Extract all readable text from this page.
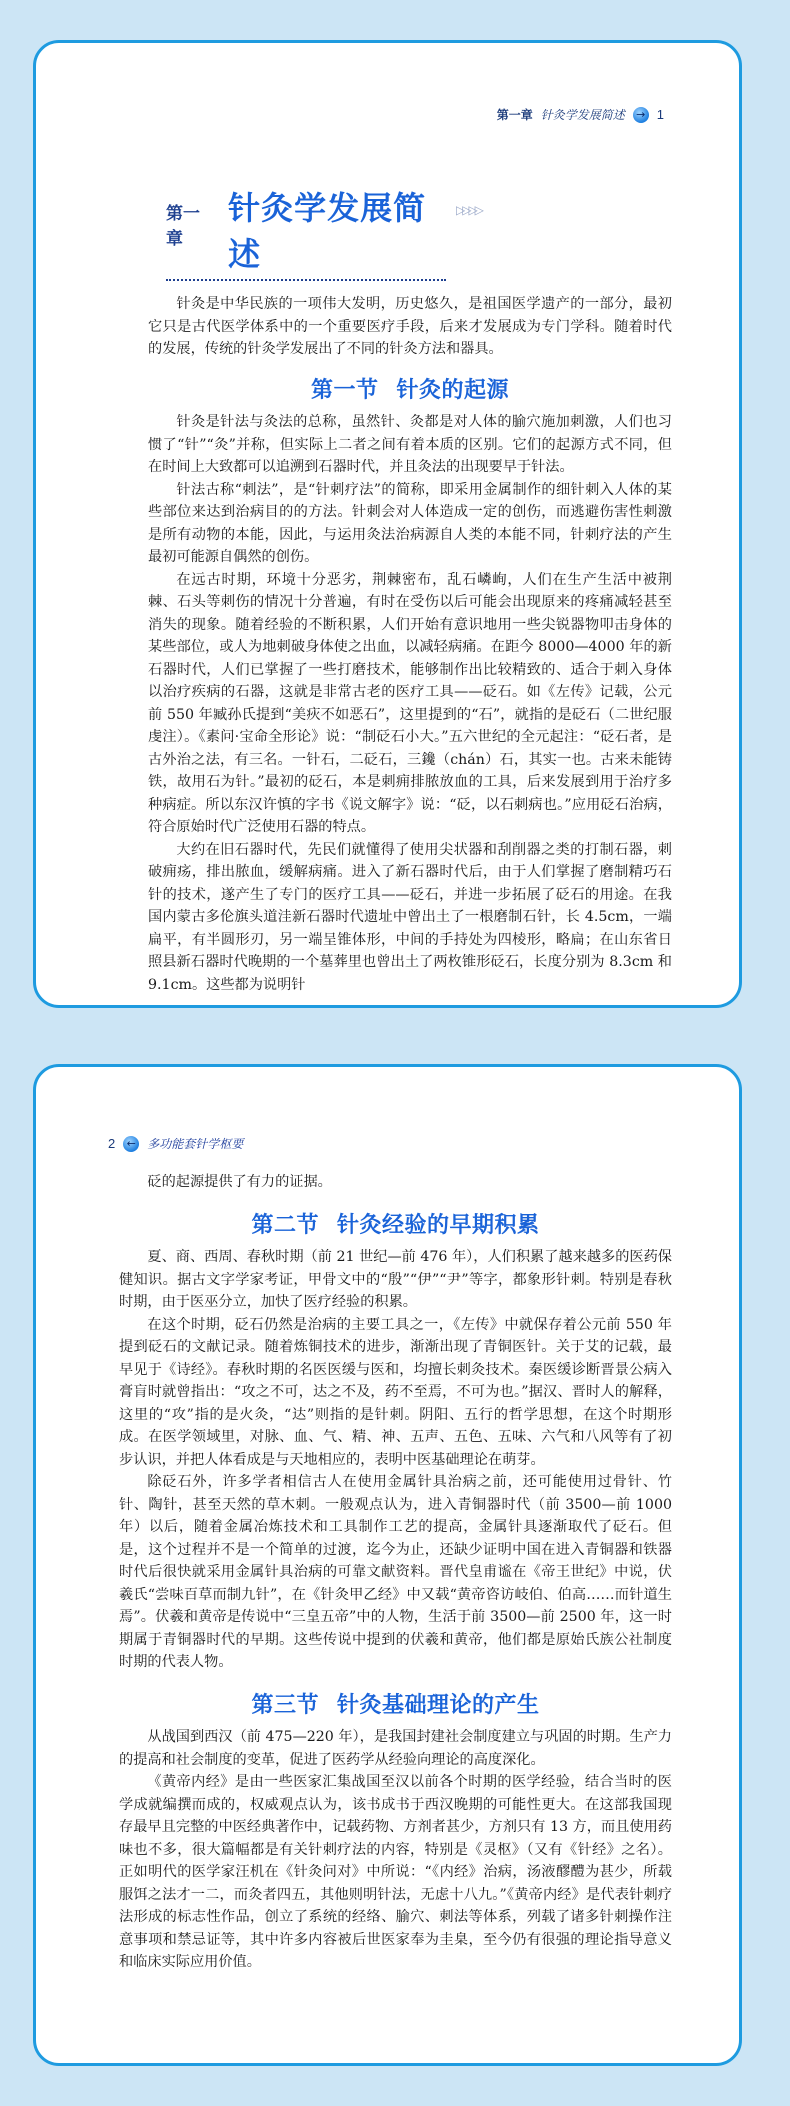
第一章 针灸学发展简述	→ 1
第一章
针灸学发展简述
▷▷▷▷

针灸是中华民族的一项伟大发明，历史悠久，是祖国医学遗产的一部分，最初它只是古代医学体系中的一个重要医疗手段，后来才发展成为专门学科。随着时代的发展，传统的针灸学发展出了不同的针灸方法和器具。

第一节 针灸的起源

针灸是针法与灸法的总称，虽然针、灸都是对人体的腧穴施加刺激，人们也习惯了“针”“灸”并称，但实际上二者之间有着本质的区别。它们的起源方式不同，但在时间上大致都可以追溯到石器时代，并且灸法的出现要早于针法。

针法古称“刺法”，是“针刺疗法”的简称，即采用金属制作的细针刺入人体的某些部位来达到治病目的的方法。针刺会对人体造成一定的创伤，而逃避伤害性刺激是所有动物的本能，因此，与运用灸法治病源自人类的本能不同，针刺疗法的产生最初可能源自偶然的创伤。

在远古时期，环境十分恶劣，荆棘密布，乱石嶙峋，人们在生产生活中被荆棘、石头等刺伤的情况十分普遍，有时在受伤以后可能会出现原来的疼痛减轻甚至消失的现象。随着经验的不断积累，人们开始有意识地用一些尖锐器物叩击身体的某些部位，或人为地刺破身体使之出血，以减轻病痛。在距今 8000—4000 年的新石器时代，人们已掌握了一些打磨技术，能够制作出比较精致的、适合于刺入身体以治疗疾病的石器，这就是非常古老的医疗工具——砭石。如《左传》记载，公元前 550 年臧孙氏提到“美疢不如恶石”，这里提到的“石”，就指的是砭石（二世纪服虔注）。《素问·宝命全形论》说：“制砭石小大。”五六世纪的全元起注：“砭石者，是古外治之法，有三名。一针石，二砭石，三鑱（chán）石，其实一也。古来未能铸铁，故用石为针。”最初的砭石，本是刺痈排脓放血的工具，后来发展到用于治疗多种病症。所以东汉许慎的字书《说文解字》说：“砭，以石刺病也。”应用砭石治病，符合原始时代广泛使用石器的特点。

大约在旧石器时代，先民们就懂得了使用尖状器和刮削器之类的打制石器，刺破痈疡，排出脓血，缓解病痛。进入了新石器时代后，由于人们掌握了磨制精巧石针的技术，遂产生了专门的医疗工具——砭石，并进一步拓展了砭石的用途。在我国内蒙古多伦旗头道洼新石器时代遗址中曾出土了一根磨制石针，长 4.5cm，一端扁平，有半圆形刃，另一端呈锥体形，中间的手持处为四棱形，略扁；在山东省日照县新石器时代晚期的一个墓葬里也曾出土了两枚锥形砭石，长度分别为 8.3cm 和 9.1cm。这些都为说明针

2	← 多功能套针学枢要

砭的起源提供了有力的证据。

第二节 针灸经验的早期积累

夏、商、西周、春秋时期（前 21 世纪—前 476 年），人们积累了越来越多的医药保健知识。据古文字学家考证，甲骨文中的“殷”“伊”“尹”等字，都象形针刺。特别是春秋时期，由于医巫分立，加快了医疗经验的积累。

在这个时期，砭石仍然是治病的主要工具之一，《左传》中就保存着公元前 550 年提到砭石的文献记录。随着炼铜技术的进步，渐渐出现了青铜医针。关于艾的记载，最早见于《诗经》。春秋时期的名医医缓与医和，均擅长刺灸技术。秦医缓诊断晋景公病入膏肓时就曾指出：“攻之不可，达之不及，药不至焉，不可为也。”据汉、晋时人的解释，这里的“攻”指的是火灸，“达”则指的是针刺。阴阳、五行的哲学思想，在这个时期形成。在医学领域里，对脉、血、气、精、神、五声、五色、五味、六气和八风等有了初步认识，并把人体看成是与天地相应的，表明中医基础理论在萌芽。

除砭石外，许多学者相信古人在使用金属针具治病之前，还可能使用过骨针、竹针、陶针，甚至天然的草木刺。一般观点认为，进入青铜器时代（前 3500—前 1000 年）以后，随着金属冶炼技术和工具制作工艺的提高，金属针具逐渐取代了砭石。但是，这个过程并不是一个简单的过渡，迄今为止，还缺少证明中国在进入青铜器和铁器时代后很快就采用金属针具治病的可靠文献资料。晋代皇甫谧在《帝王世纪》中说，伏羲氏“尝味百草而制九针”，在《针灸甲乙经》中又载“黄帝咨访岐伯、伯高……而针道生焉”。伏羲和黄帝是传说中“三皇五帝”中的人物，生活于前 3500—前 2500 年，这一时期属于青铜器时代的早期。这些传说中提到的伏羲和黄帝，他们都是原始氏族公社制度时期的代表人物。

第三节 针灸基础理论的产生

从战国到西汉（前 475—220 年），是我国封建社会制度建立与巩固的时期。生产力的提高和社会制度的变革，促进了医药学从经验向理论的高度深化。

《黄帝内经》是由一些医家汇集战国至汉以前各个时期的医学经验，结合当时的医学成就编撰而成的，权威观点认为，该书成书于西汉晚期的可能性更大。在这部我国现存最早且完整的中医经典著作中，记载药物、方剂者甚少，方剂只有 13 方，而且使用药味也不多，很大篇幅都是有关针刺疗法的内容，特别是《灵枢》（又有《针经》之名）。正如明代的医学家汪机在《针灸问对》中所说：“《内经》治病，汤液醪醴为甚少，所载服饵之法才一二，而灸者四五，其他则明针法，无虑十八九。”《黄帝内经》是代表针刺疗法形成的标志性作品，创立了系统的经络、腧穴、刺法等体系，列载了诸多针刺操作注意事项和禁忌证等，其中许多内容被后世医家奉为圭臬，至今仍有很强的理论指导意义和临床实际应用价值。
